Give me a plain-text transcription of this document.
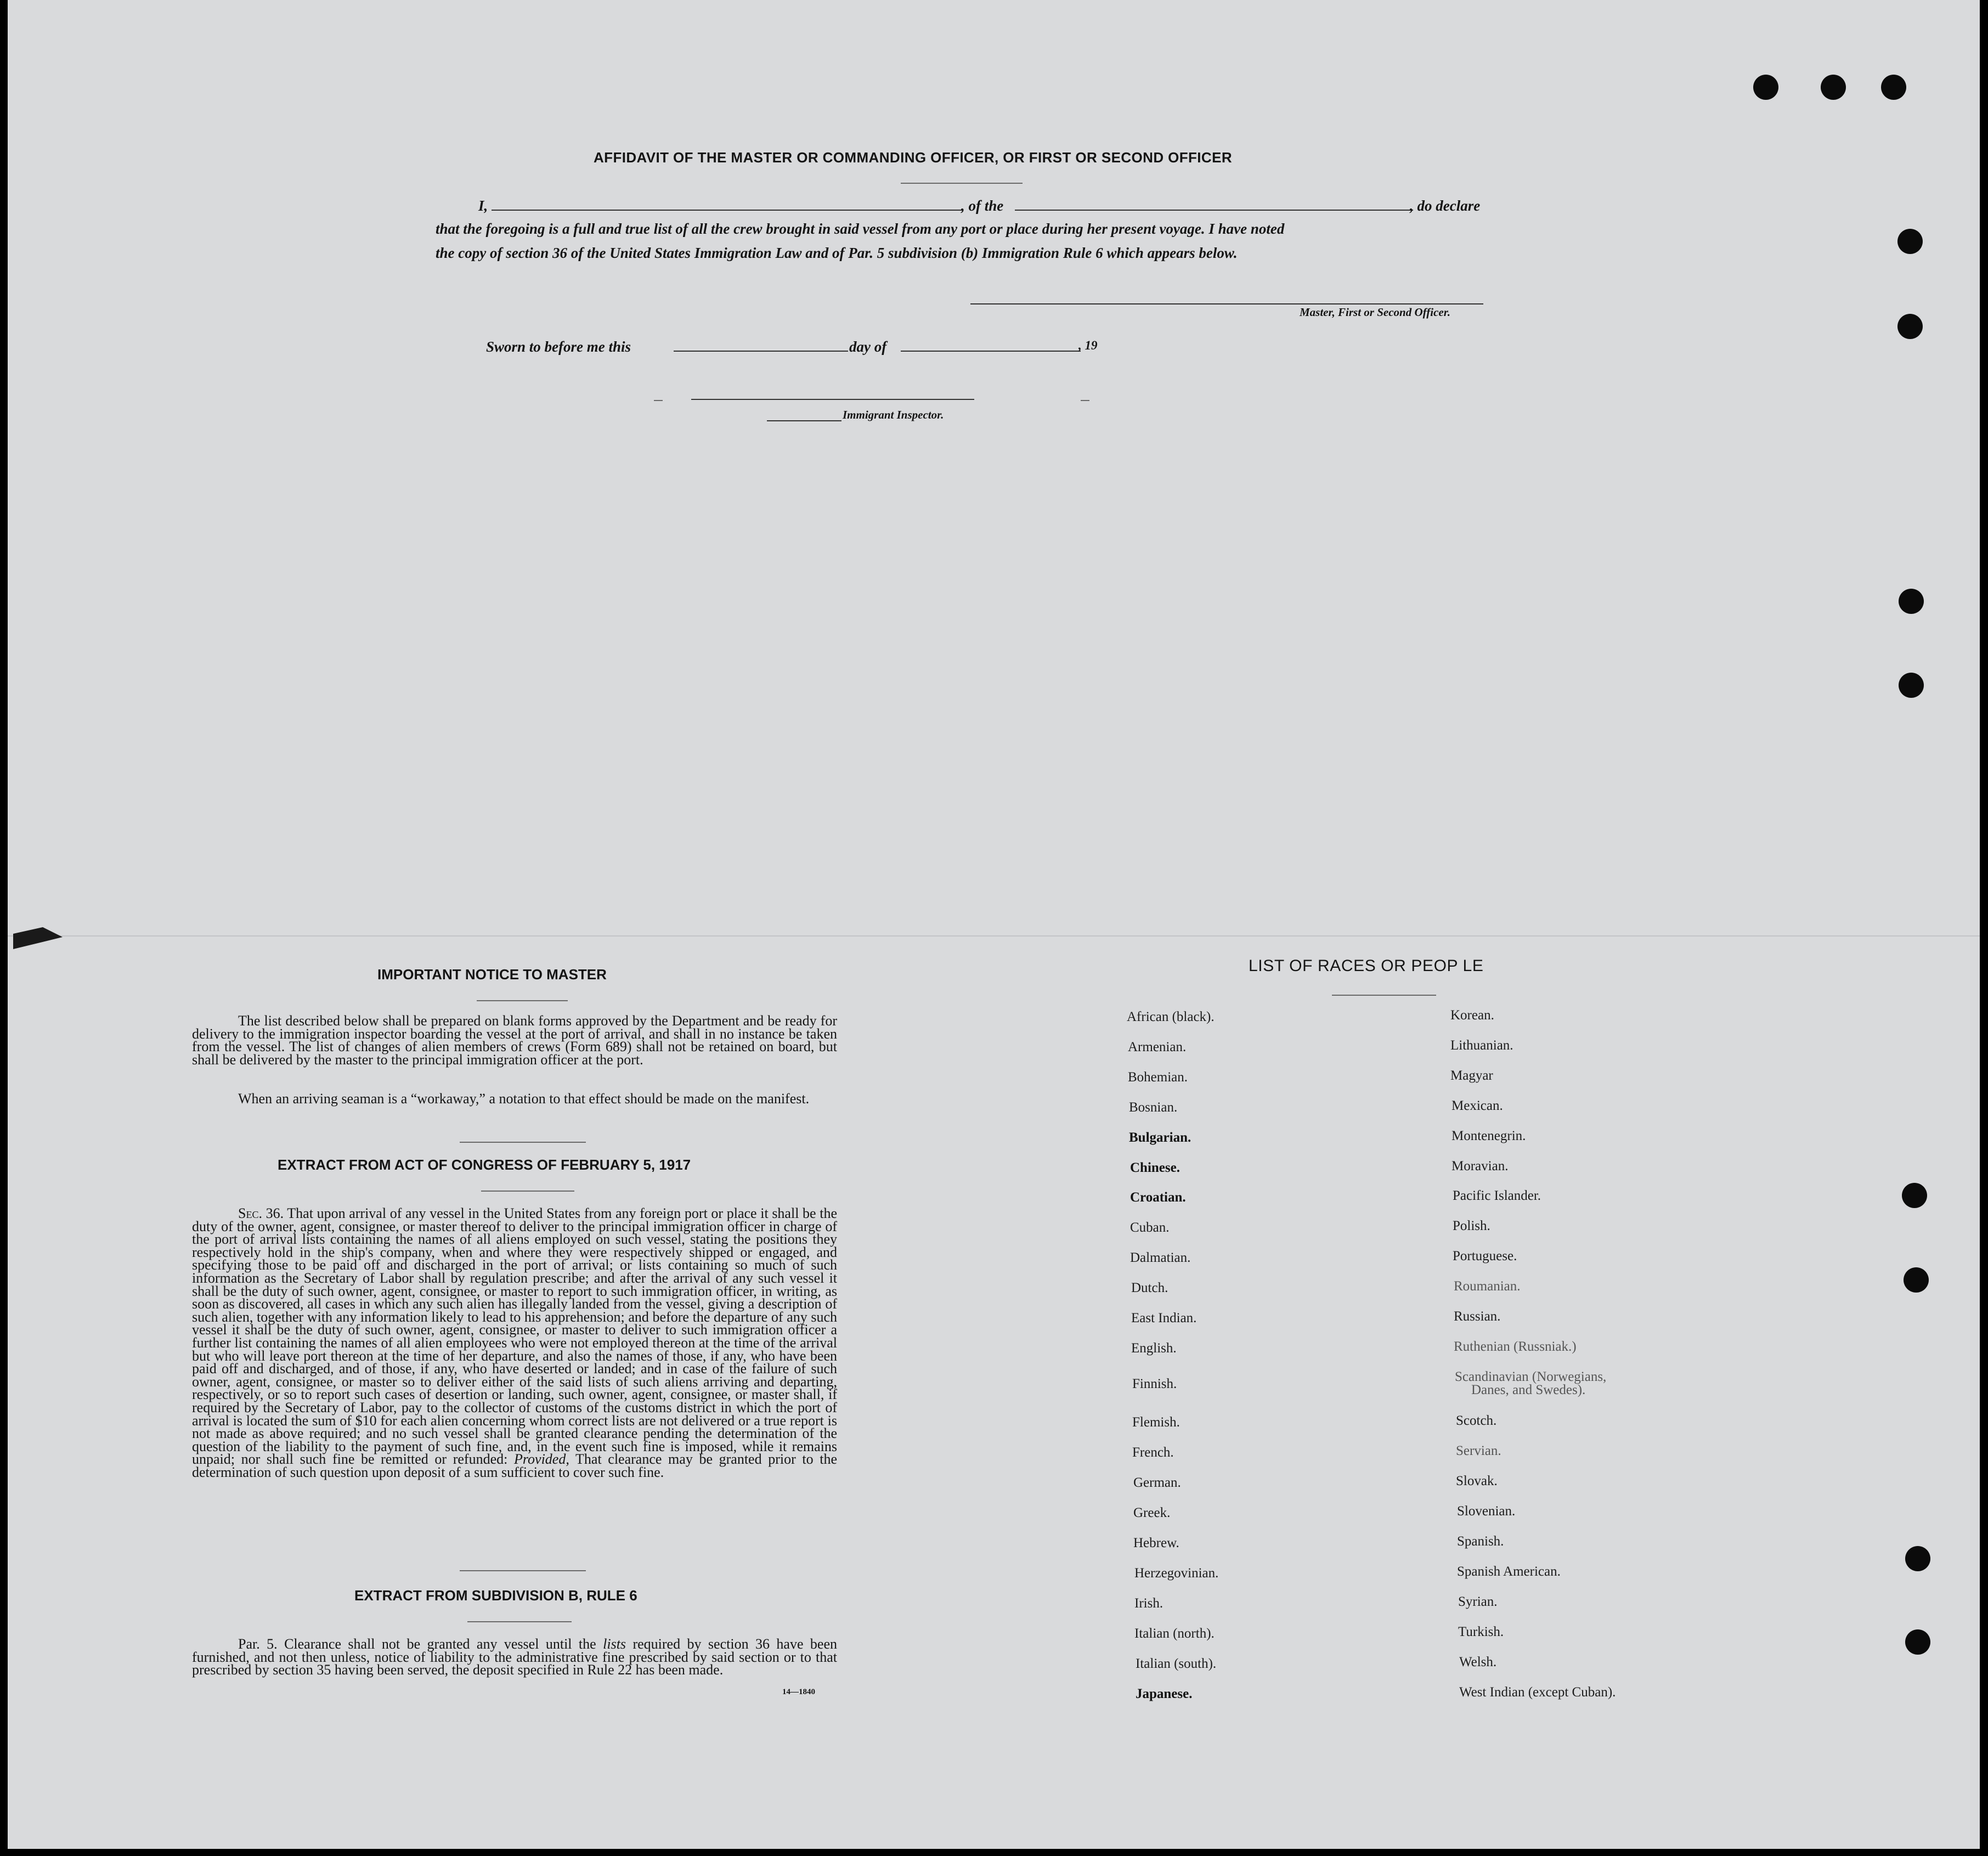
AFFIDAVIT OF THE MASTER OR COMMANDING OFFICER, OR FIRST OR SECOND OFFICER
I,	, of the	, do declare
that the foregoing is a full and true list of all the crew brought in said vessel from any port or place during her present voyage. I have noted
the copy of section 36 of the United States Immigration Law and of Par. 5 subdivision (b) Immigration Rule 6 which appears below.
Master, First or Second Officer.
Sworn to before me this	day of	, 19
Immigrant Inspector.
IMPORTANT NOTICE TO MASTER

The list described below shall be prepared on blank forms approved by the Department and be ready for delivery to the immigration inspector boarding the vessel at the port of arrival, and shall in no instance be taken from the vessel. The list of changes of alien members of crews (Form 689) shall not be retained on board, but shall be delivered by the master to the principal immigration officer at the port.

When an arriving seaman is a “workaway,” a notation to that effect should be made on the manifest.

EXTRACT FROM ACT OF CONGRESS OF FEBRUARY 5, 1917

Sec. 36. That upon arrival of any vessel in the United States from any foreign port or place it shall be the duty of the owner, agent, consignee, or master thereof to deliver to the principal immigration officer in charge of the port of arrival lists containing the names of all aliens employed on such vessel, stating the positions they respectively hold in the ship's company, when and where they were respectively shipped or engaged, and specifying those to be paid off and discharged in the port of arrival; or lists containing so much of such information as the Secretary of Labor shall by regulation prescribe; and after the arrival of any such vessel it shall be the duty of such owner, agent, consignee, or master to report to such immigration officer, in writing, as soon as discovered, all cases in which any such alien has illegally landed from the vessel, giving a description of such alien, together with any information likely to lead to his apprehension; and before the departure of any such vessel it shall be the duty of such owner, agent, consignee, or master to deliver to such immigration officer a further list containing the names of all alien employees who were not employed thereon at the time of the arrival but who will leave port thereon at the time of her departure, and also the names of those, if any, who have been paid off and discharged, and of those, if any, who have deserted or landed; and in case of the failure of such owner, agent, consignee, or master so to deliver either of the said lists of such aliens arriving and departing, respectively, or so to report such cases of desertion or landing, such owner, agent, consignee, or master shall, if required by the Secretary of Labor, pay to the collector of customs of the customs district in which the port of arrival is located the sum of $10 for each alien concerning whom correct lists are not delivered or a true report is not made as above required; and no such vessel shall be granted clearance pending the determination of the question of the liability to the payment of such fine, and, in the event such fine is imposed, while it remains unpaid; nor shall such fine be remitted or refunded: Provided, That clearance may be granted prior to the determination of such question upon deposit of a sum sufficient to cover such fine.

EXTRACT FROM SUBDIVISION B, RULE 6

Par. 5. Clearance shall not be granted any vessel until the lists required by section 36 have been furnished, and not then unless, notice of liability to the administrative fine prescribed by said section or to that prescribed by section 35 having been served, the deposit specified in Rule 22 has been made.

14—1840
LIST OF RACES OR PEOP LE
African (black).
Armenian.
Bohemian.
Bosnian.
Bulgarian.
Chinese.
Croatian.
Cuban.
Dalmatian.
Dutch.
East Indian.
English.
Finnish.
Flemish.
French.
German.
Greek.
Hebrew.
Herzegovinian.
Irish.
Italian (north).
Italian (south).
Japanese.
Korean.
Lithuanian.
Magyar
Mexican.
Montenegrin.
Moravian.
Pacific Islander.
Polish.
Portuguese.
Roumanian.
Russian.
Ruthenian (Russniak.)
Scandinavian (Norwegians,
Danes, and Swedes).
Scotch.
Servian.
Slovak.
Slovenian.
Spanish.
Spanish American.
Syrian.
Turkish.
Welsh.
West Indian (except Cuban).
